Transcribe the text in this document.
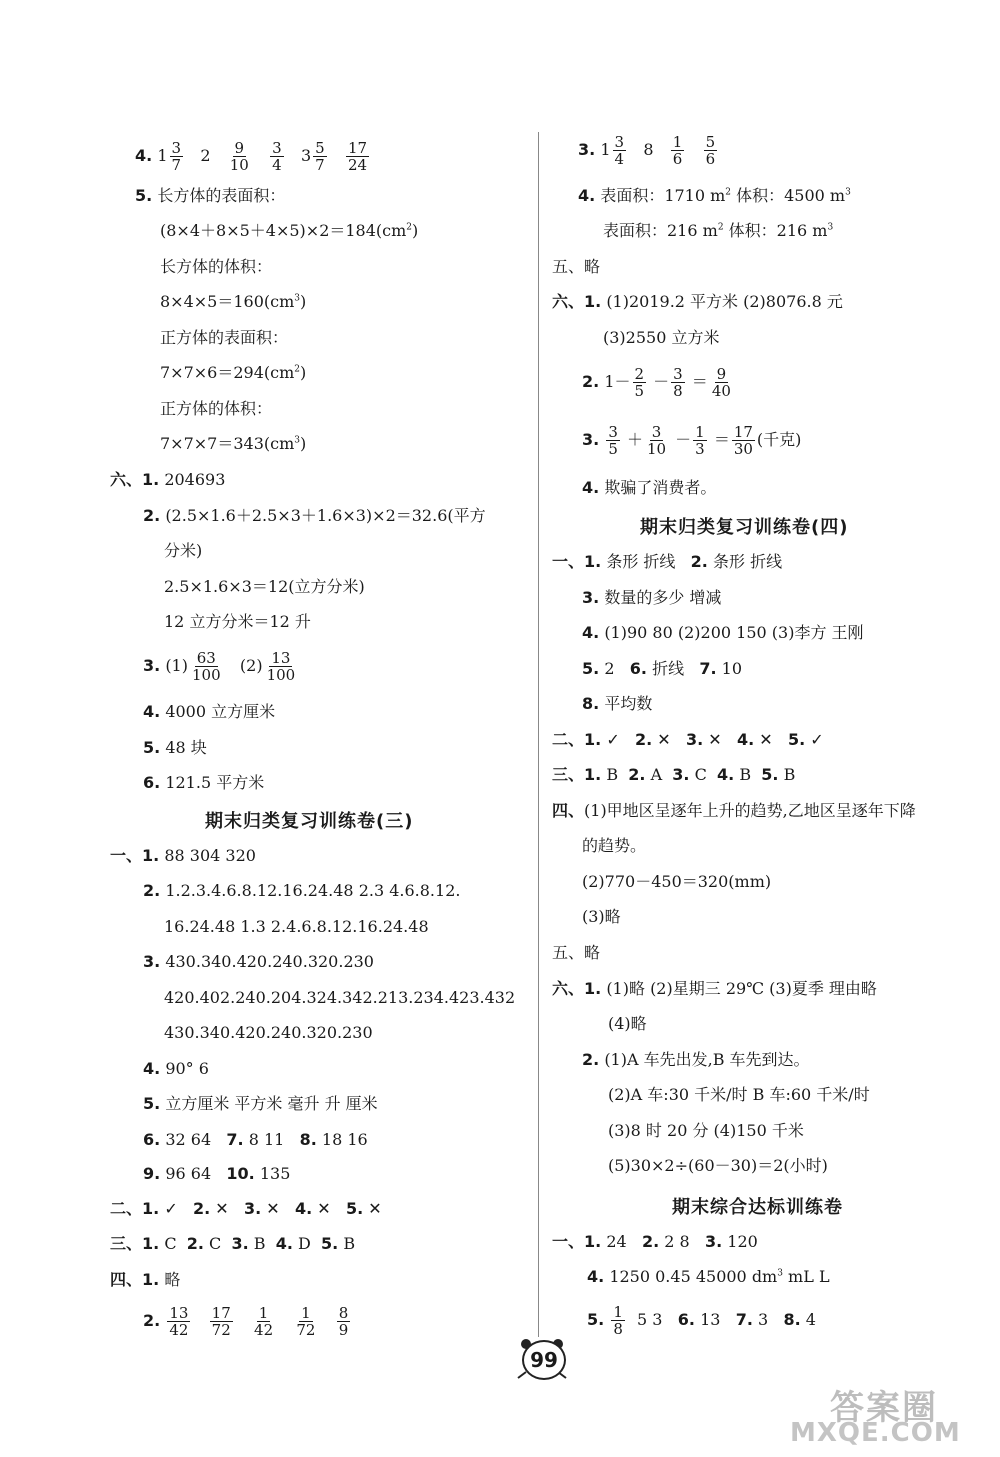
4. $1 \frac{3}{7} 2 \frac{9}{10}$
$\frac{3}{4} 3 \frac{5}{7}$
$\frac{17}{24}$
5. 长方体的表面积：
$(8\times 4+8\times 5+4\times 5)\times 2=184(cm^2)$
长方体的体积：
$8\times 4\times 5=160(cm^3)$
正方体的表面积：
$7\times 7\times 6=294(cm^2)$
正方体的体积：
$7\times 7\times 7=343(cm^3)$
六、1. 204693
2. (2.5×1.6＋2.5×3＋1.6×3)×2＝32.6(平方
分米)
2.5×1.6×3＝12(立方分米)
12 立方分米＝12 升
3. $(1) \frac{63}{100} (2) \frac{13}{100}$
4. 4000 立方厘米
5. 48 块
6. 121.5 平方米
期末归类复习训练卷(三)
一、1. 88 304 320
2. 1.2.3.4.6.8.12.16.24.48 2.3 4.6.8.12.
16.24.48 1.3 2.4.6.8.12.16.24.48
3. 430.340.420.240.320.230
420.402.240.204.324.342.213.234.423.432
430.340.420.240.320.230
4. 90° 6
5. 立方厘米 平方米 毫升 升 厘米
6. 32 64 7. 8 11 8. 18 16
9. 96 64 10. 135
二、1. ✓ 2. ✕ 3. ✕ 4. ✕ 5. ✕
三、1. C 2. C 3. B 4. D 5. B
四、1. 略
2. $\frac{13}{42}$
$\frac{17}{72}$
$\frac{1}{42}$
$\frac{1}{72}$
$\frac{8}{9}$
3. $1 \frac{3}{4} 8 \frac{1}{6}$
$\frac{5}{6}$
4. 表面积：1710 $m^2$ 体积：4500 $m^3$
表面积：216 $m^2$ 体积：216 $m^3$
五、略
六、1. (1)2019.2 平方米 (2)8076.8 元
(3)2550 立方米
2. $1- \frac{2}{5} - \frac{3}{8} = \frac{9}{40}$
3. $\frac{3}{5} + \frac{3}{10} - \frac{1}{3} = \frac{17}{30}$ (千克)
4. 欺骗了消费者。
期末归类复习训练卷(四)
一、1. 条形 折线 2. 条形 折线
3. 数量的多少 增减
4. (1)90 80 (2)200 150 (3)李方 王刚
5. 2 6. 折线 7. 10
8. 平均数
二、1. ✓ 2. ✕ 3. ✕ 4. ✕ 5. ✓
三、1. B 2. A 3. C 4. B 5. B
四、(1)甲地区呈逐年上升的趋势,乙地区呈逐年下降
的趋势。
(2)770－450＝320(mm)
(3)略
五、略
六、1. (1)略 (2)星期三 29℃ (3)夏季 理由略
(4)略
2. (1)A 车先出发,B 车先到达。
(2)A 车:30 千米/时 B 车:60 千米/时
(3)8 时 20 分 (4)150 千米
(5)30×2÷(60－30)＝2(小时)
期末综合达标训练卷
一、1. 24 2. 2 8 3. 120
4. 1250 0.45 45000 $dm^3$ mL L
5. $\frac{1}{8} 5$ 3 6. 13 7. 3 8. 4
99
答案圈
MXQE.COM
